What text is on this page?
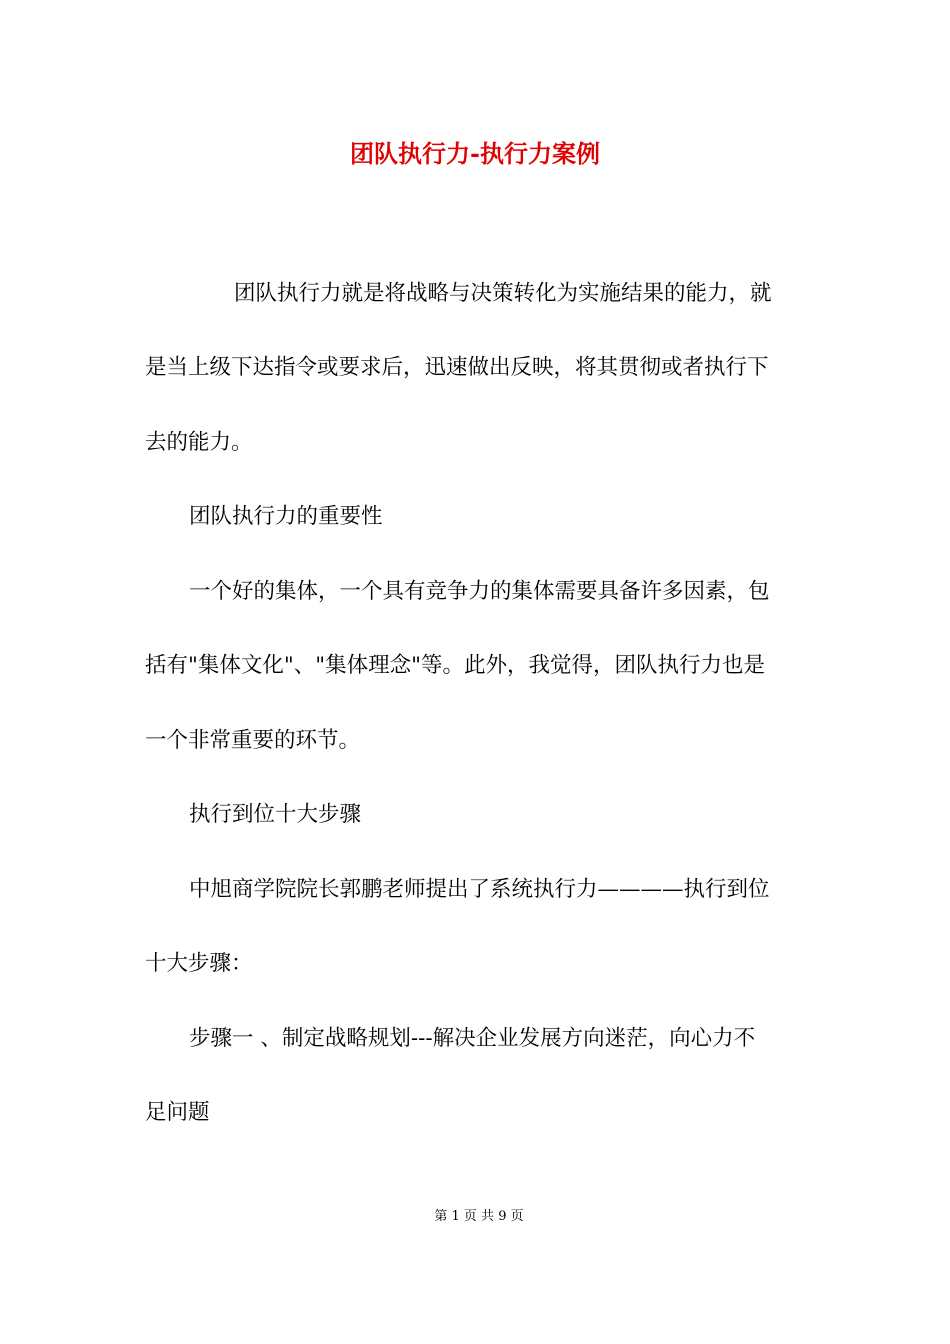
团队执行力-执行力案例
团队执行力就是将战略与决策转化为实施结果的能力，就
是当上级下达指令或要求后，迅速做出反映，将其贯彻或者执行下
去的能力。
团队执行力的重要性
一个好的集体，一个具有竞争力的集体需要具备许多因素，包
括有"集体文化"、"集体理念"等。此外，我觉得，团队执行力也是
一个非常重要的环节。
执行到位十大步骤
中旭商学院院长郭鹏老师提出了系统执行力————执行到位
十大步骤：
步骤一 、制定战略规划---解决企业发展方向迷茫，向心力不
足问题
第 1 页 共 9 页
